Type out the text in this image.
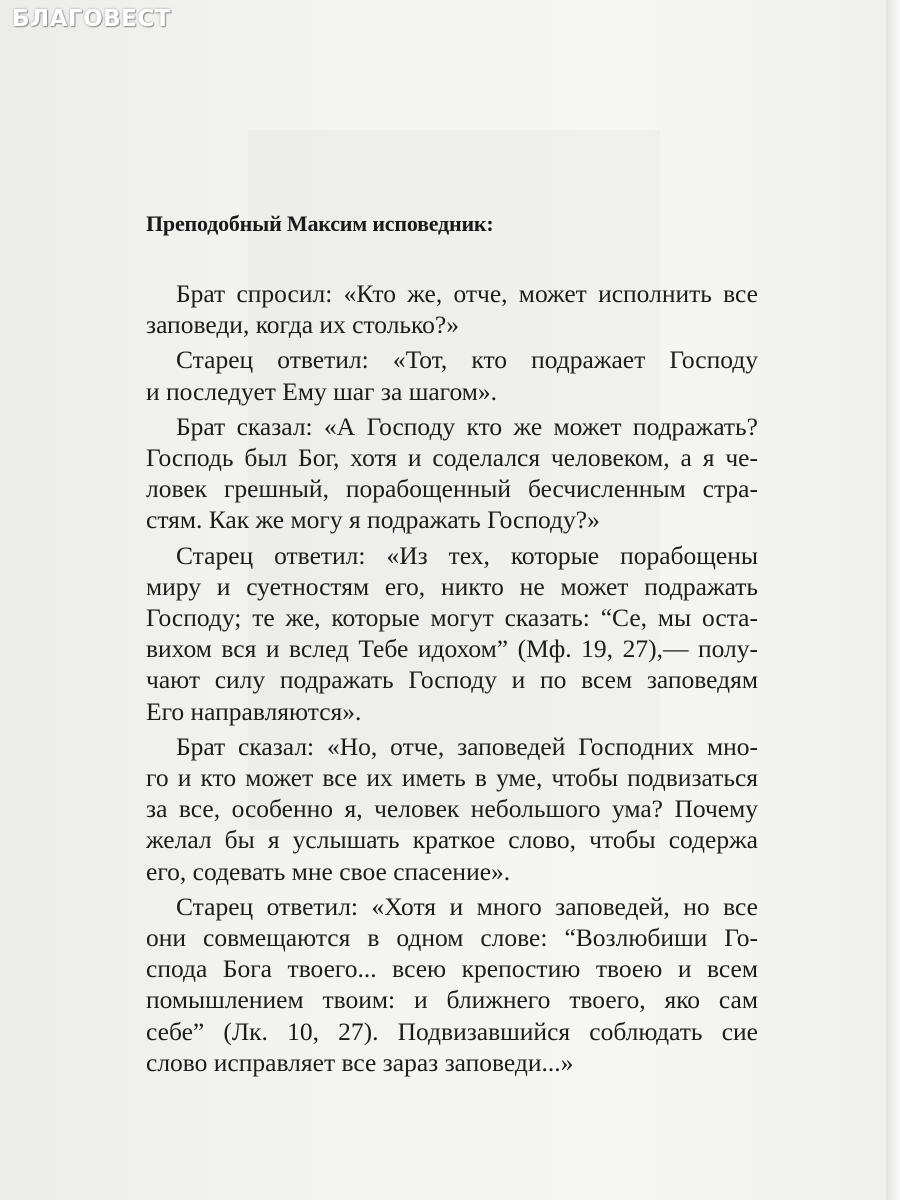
БЛАГОВЕСТ
Преподобный Максим исповедник:

Брат спросил: «Кто же, отче, может исполнить все
заповеди, когда их столько?»

Старец ответил: «Тот, кто подражает Господу
и последует Ему шаг за шагом».

Брат сказал: «А Господу кто же может подражать?
Господь был Бог, хотя и соделался человеком, а я че-
ловек грешный, порабощенный бесчисленным стра-
стям. Как же могу я подражать Господу?»

Старец ответил: «Из тех, которые порабощены
миру и суетностям его, никто не может подражать
Господу; те же, которые могут сказать: “Се, мы оста-
вихом вся и вслед Тебе идохом” (Мф. 19, 27),— полу-
чают силу подражать Господу и по всем заповедям
Его направляются».

Брат сказал: «Но, отче, заповедей Господних мно-
го и кто может все их иметь в уме, чтобы подвизаться
за все, особенно я, человек небольшого ума? Почему
желал бы я услышать краткое слово, чтобы содержа
его, содевать мне свое спасение».

Старец ответил: «Хотя и много заповедей, но все
они совмещаются в одном слове: “Возлюбиши Го-
спода Бога твоего... всею крепостию твоею и всем
помышлением твоим: и ближнего твоего, яко сам
себе” (Лк. 10, 27). Подвизавшийся соблюдать сие
слово исправляет все зараз заповеди...»
